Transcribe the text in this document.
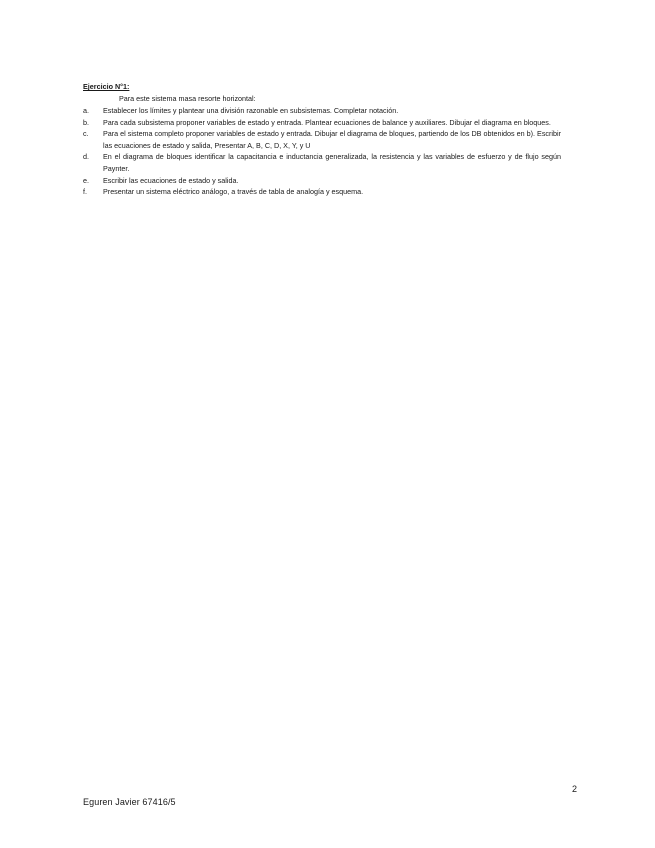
Ejercicio N°1:
Para este sistema masa resorte horizontal:
a.	Establecer los límites y plantear una división razonable en subsistemas. Completar notación.
b.	Para cada subsistema proponer variables de estado y entrada. Plantear ecuaciones de balance y auxiliares. Dibujar el diagrama en bloques.
c.	Para el sistema completo proponer variables de estado y entrada. Dibujar el diagrama de bloques, partiendo de los DB obtenidos en b). Escribir las ecuaciones de estado y salida, Presentar A, B, C, D, X, Y, y U
d.	En el diagrama de bloques identificar la capacitancia e inductancia generalizada, la resistencia y las variables de esfuerzo y de flujo según Paynter.
e.	Escribir las ecuaciones de estado y salida.
f.	Presentar un sistema eléctrico análogo, a través de tabla de analogía y esquema.
2
Eguren Javier 67416/5
